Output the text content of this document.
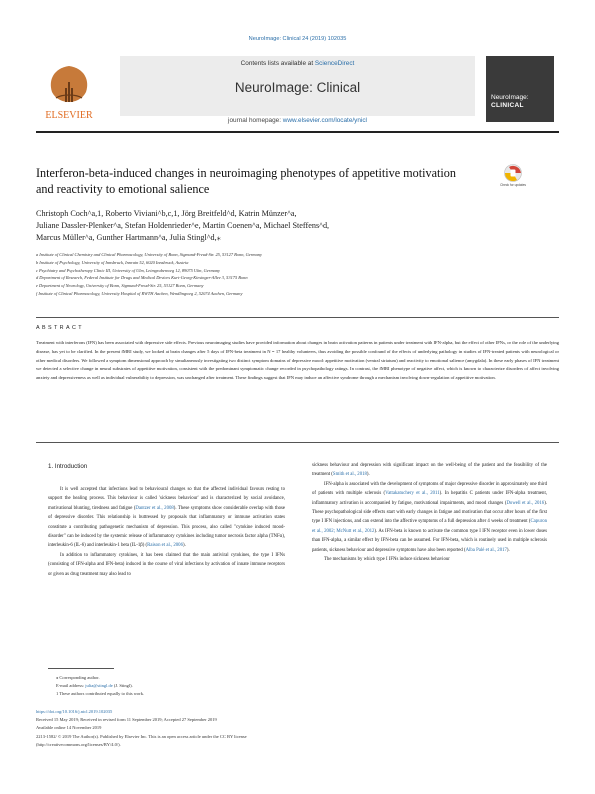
NeuroImage: Clinical 24 (2019) 102035
ELSEVIER
Contents lists available at ScienceDirect
NeuroImage: Clinical
journal homepage: www.elsevier.com/locate/ynicl
NeuroImage:
CLINICAL
Interferon-beta-induced changes in neuroimaging phenotypes of appetitive motivation and reactivity to emotional salience	Check for updates
Christoph Coch^a,1, Roberto Viviani^b,c,1, Jörg Breitfeld^d, Katrin Münzer^a,
Juliane Dassler-Plenker^a, Stefan Holdenrieder^e, Martin Coenen^a, Michael Steffens^d,
Marcus Müller^a, Gunther Hartmann^a, Julia Stingl^d,⁎
a Institute of Clinical Chemistry and Clinical Pharmacology, University of Bonn, Sigmund-Freud-Str. 25, 53127 Bonn, Germany
b Institute of Psychology, University of Innsbruck, Innrain 52, 6020 Innsbruck, Austria
c Psychiatry and Psychotherapy Clinic III, University of Ulm, Leimgrubenweg 12, 89075 Ulm, Germany
d Department of Research, Federal Institute for Drugs and Medical Devices Kurt-Georg-Kiesinger-Allee 3, 53175 Bonn
e Department of Neurology, University of Bonn, Sigmund-Freud-Str. 25, 53127 Bonn, Germany
f Institute of Clinical Pharmacology, University Hospital of RWTH Aachen, Wendlingweg 2, 52074 Aachen, Germany
ABSTRACT
Treatment with interferons (IFN) has been associated with depressive side effects. Previous neuroimaging studies have provided information about changes in brain activation patterns in patients under treatment with IFN-alpha, but the effect of other IFNs, or the role of the underlying disease, has yet to be clarified. In the present fMRI study, we looked at brain changes after 5 days of IFN-beta treatment in N = 17 healthy volunteers, thus avoiding the possible confound of the effects of underlying pathology in studies of IFN-treated patients with neurological or other medical disorders. We followed a symptom dimensional approach by simultaneously investigating two distinct symptom domains of depressive mood: appetitive motivation (ventral striatum) and reactivity to emotional salience (amygdala). In these early phases of IFN treatment we detected a selective change in neural substrates of appetitive motivation, consistent with the predominant symptomatic change recorded in psychopathology ratings. In contrast, the fMRI phenotype of negative affect, which is known to characterize disorders of affect involving anxiety and depressiveness as well as individual vulnerability to depression, was unchanged after treatment. These findings suggest that IFN may induce an affective syndrome through a mechanism involving down-regulation of appetitive motivation.
1. Introduction

It is well accepted that infections lead to behavioural changes so that the affected individual favours resting to support the healing process. This behaviour is called 'sickness behaviour' and is characterized by social avoidance, motivational blunting, tiredness and fatigue (Dantzer et al., 2008). These symptoms show considerable overlap with those of depressive disorder. This relationship is buttressed by proposals that inflammatory or immune activation states constitute a contributing pathogenetic mechanism of depression. This process, also called "cytokine induced mood-disorder" can be induced by the systemic release of inflammatory cytokines including tumor necrosis factor alpha (TNFα), interleukin-6 (IL-6) and interleukin-1 beta (IL-1β) (Raison et al., 2006).

In addition to inflammatory cytokines, it has been claimed that the main antiviral cytokines, the type I IFNs (consisting of IFN-alpha and IFN-beta) induced in the course of viral infections by activation of innate immune receptors or given as drug treatment may also lead to

sickness behaviour and depression with significant impact on the well-being of the patient and the feasibility of the treatment (Smith et al., 2018).

IFN-alpha is associated with the development of symptoms of major depressive disorder in approximately one third of patients with multiple sclerosis (Vattakatuchery et al., 2011). In hepatitis C patients under IFN-alpha treatment, inflammatory activation is accompanied by fatigue, motivational impairments, and mood changes (Dowell et al., 2016). These psychopathological side effects start with early changes in fatigue and motivation that occur after hours of the first type I IFN injections, and can extend into the affective symptoms of a full depression after 4 weeks of treatment (Capuron et al., 2002; McNutt et al., 2012). As IFN-beta is known to activate the common type I IFN receptor even in lower doses than IFN-alpha, a similar effect by IFN-beta can be assumed. For IFN-beta, which is routinely used in multiple sclerosis patients, sickness behaviour and depressive symptoms have also been reported (Alba Palé et al., 2017).

The mechanisms by which type I IFNs induce sickness behaviour

⁎ Corresponding author.
E-mail address: julia@stingl.de (J. Stingl).
1 These authors contributed equally to this work.
https://doi.org/10.1016/j.nicl.2019.102035
Received 15 May 2019; Received in revised form 11 September 2019; Accepted 27 September 2019
Available online 14 November 2019
2213-1582/ © 2019 The Author(s). Published by Elsevier Inc. This is an open access article under the CC BY license
(http://creativecommons.org/licenses/BY/4.0/).
